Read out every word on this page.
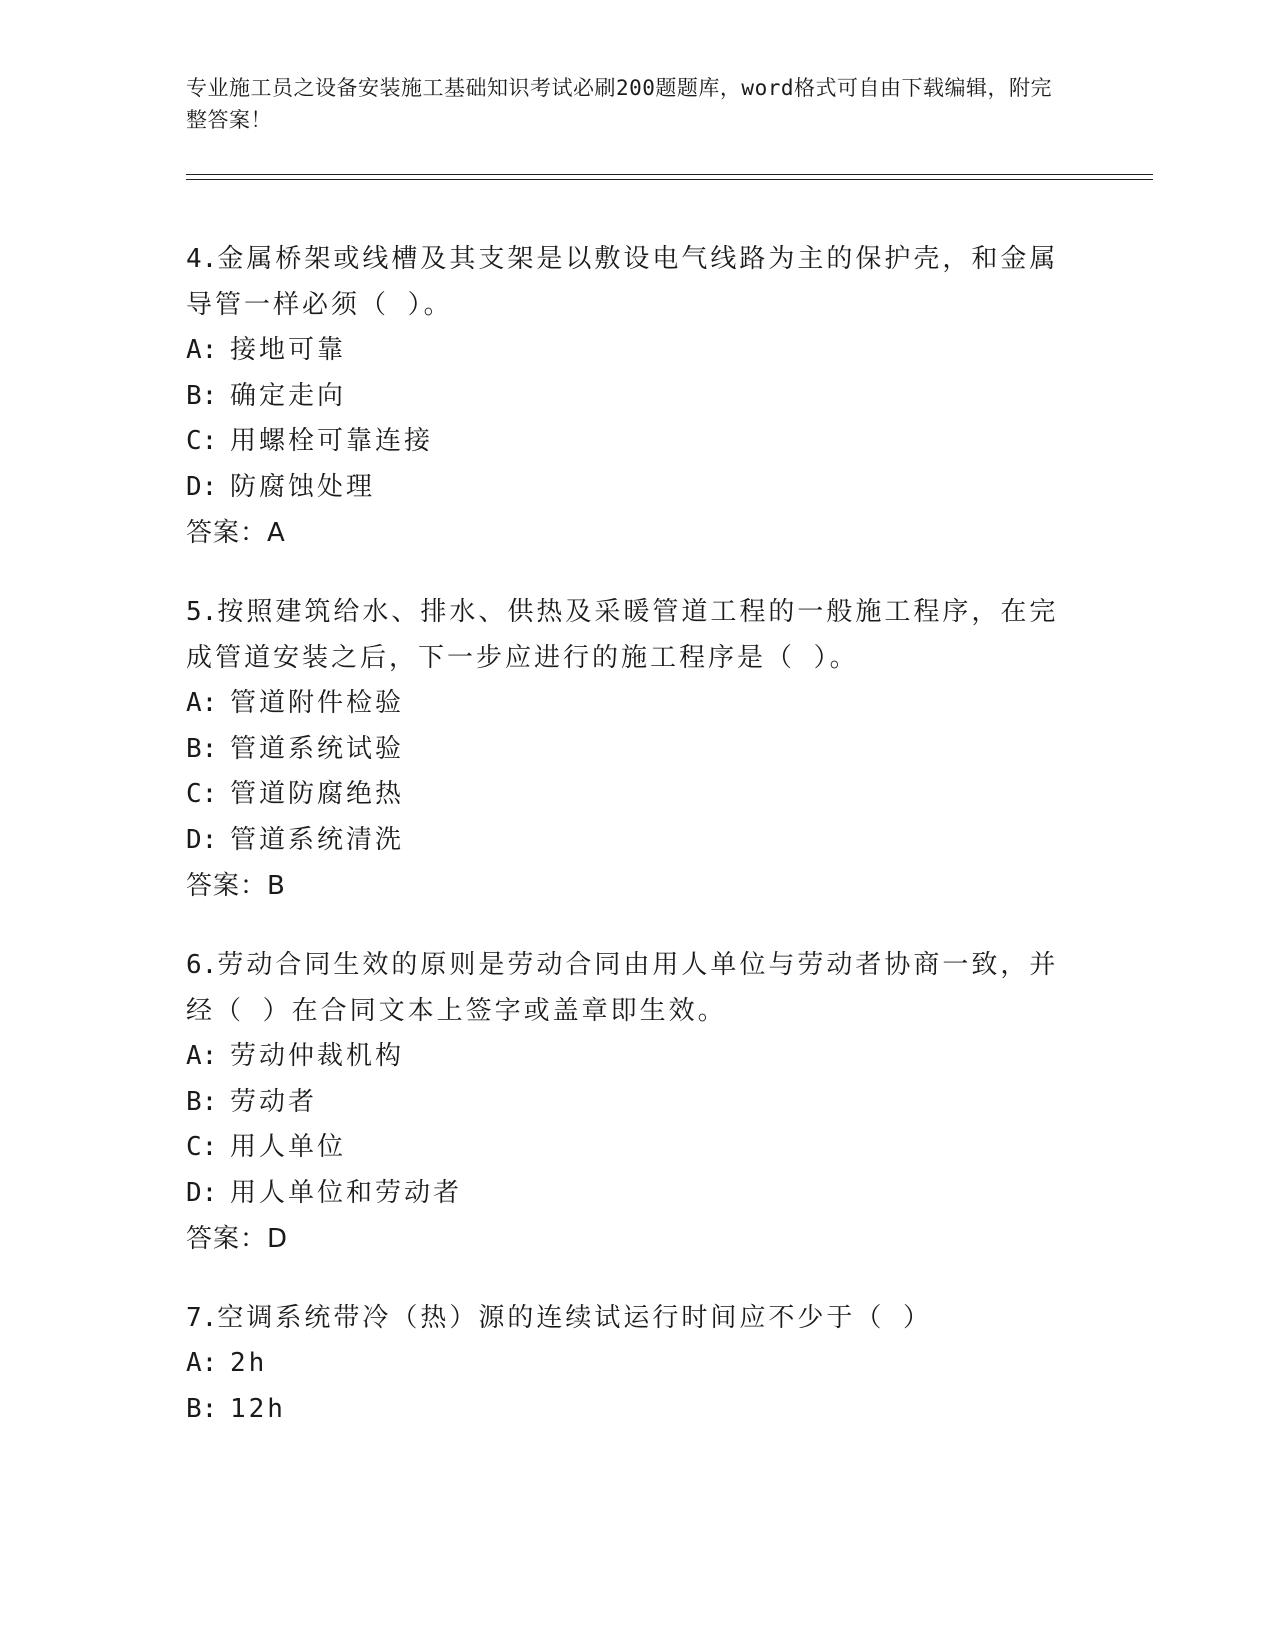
专业施工员之设备安装施工基础知识考试必刷200题题库，word格式可自由下载编辑，附完整答案！
4.金属桥架或线槽及其支架是以敷设电气线路为主的保护壳，和金属导管一样必须（ ）。
A: 接地可靠
B: 确定走向
C: 用螺栓可靠连接
D: 防腐蚀处理
答案：A
5.按照建筑给水、排水、供热及采暖管道工程的一般施工程序，在完成管道安装之后，下一步应进行的施工程序是（ ）。
A: 管道附件检验
B: 管道系统试验
C: 管道防腐绝热
D: 管道系统清洗
答案：B
6.劳动合同生效的原则是劳动合同由用人单位与劳动者协商一致，并经（ ）在合同文本上签字或盖章即生效。
A: 劳动仲裁机构
B: 劳动者
C: 用人单位
D: 用人单位和劳动者
答案：D
7.空调系统带冷（热）源的连续试运行时间应不少于（ ）
A: 2h
B: 12h
